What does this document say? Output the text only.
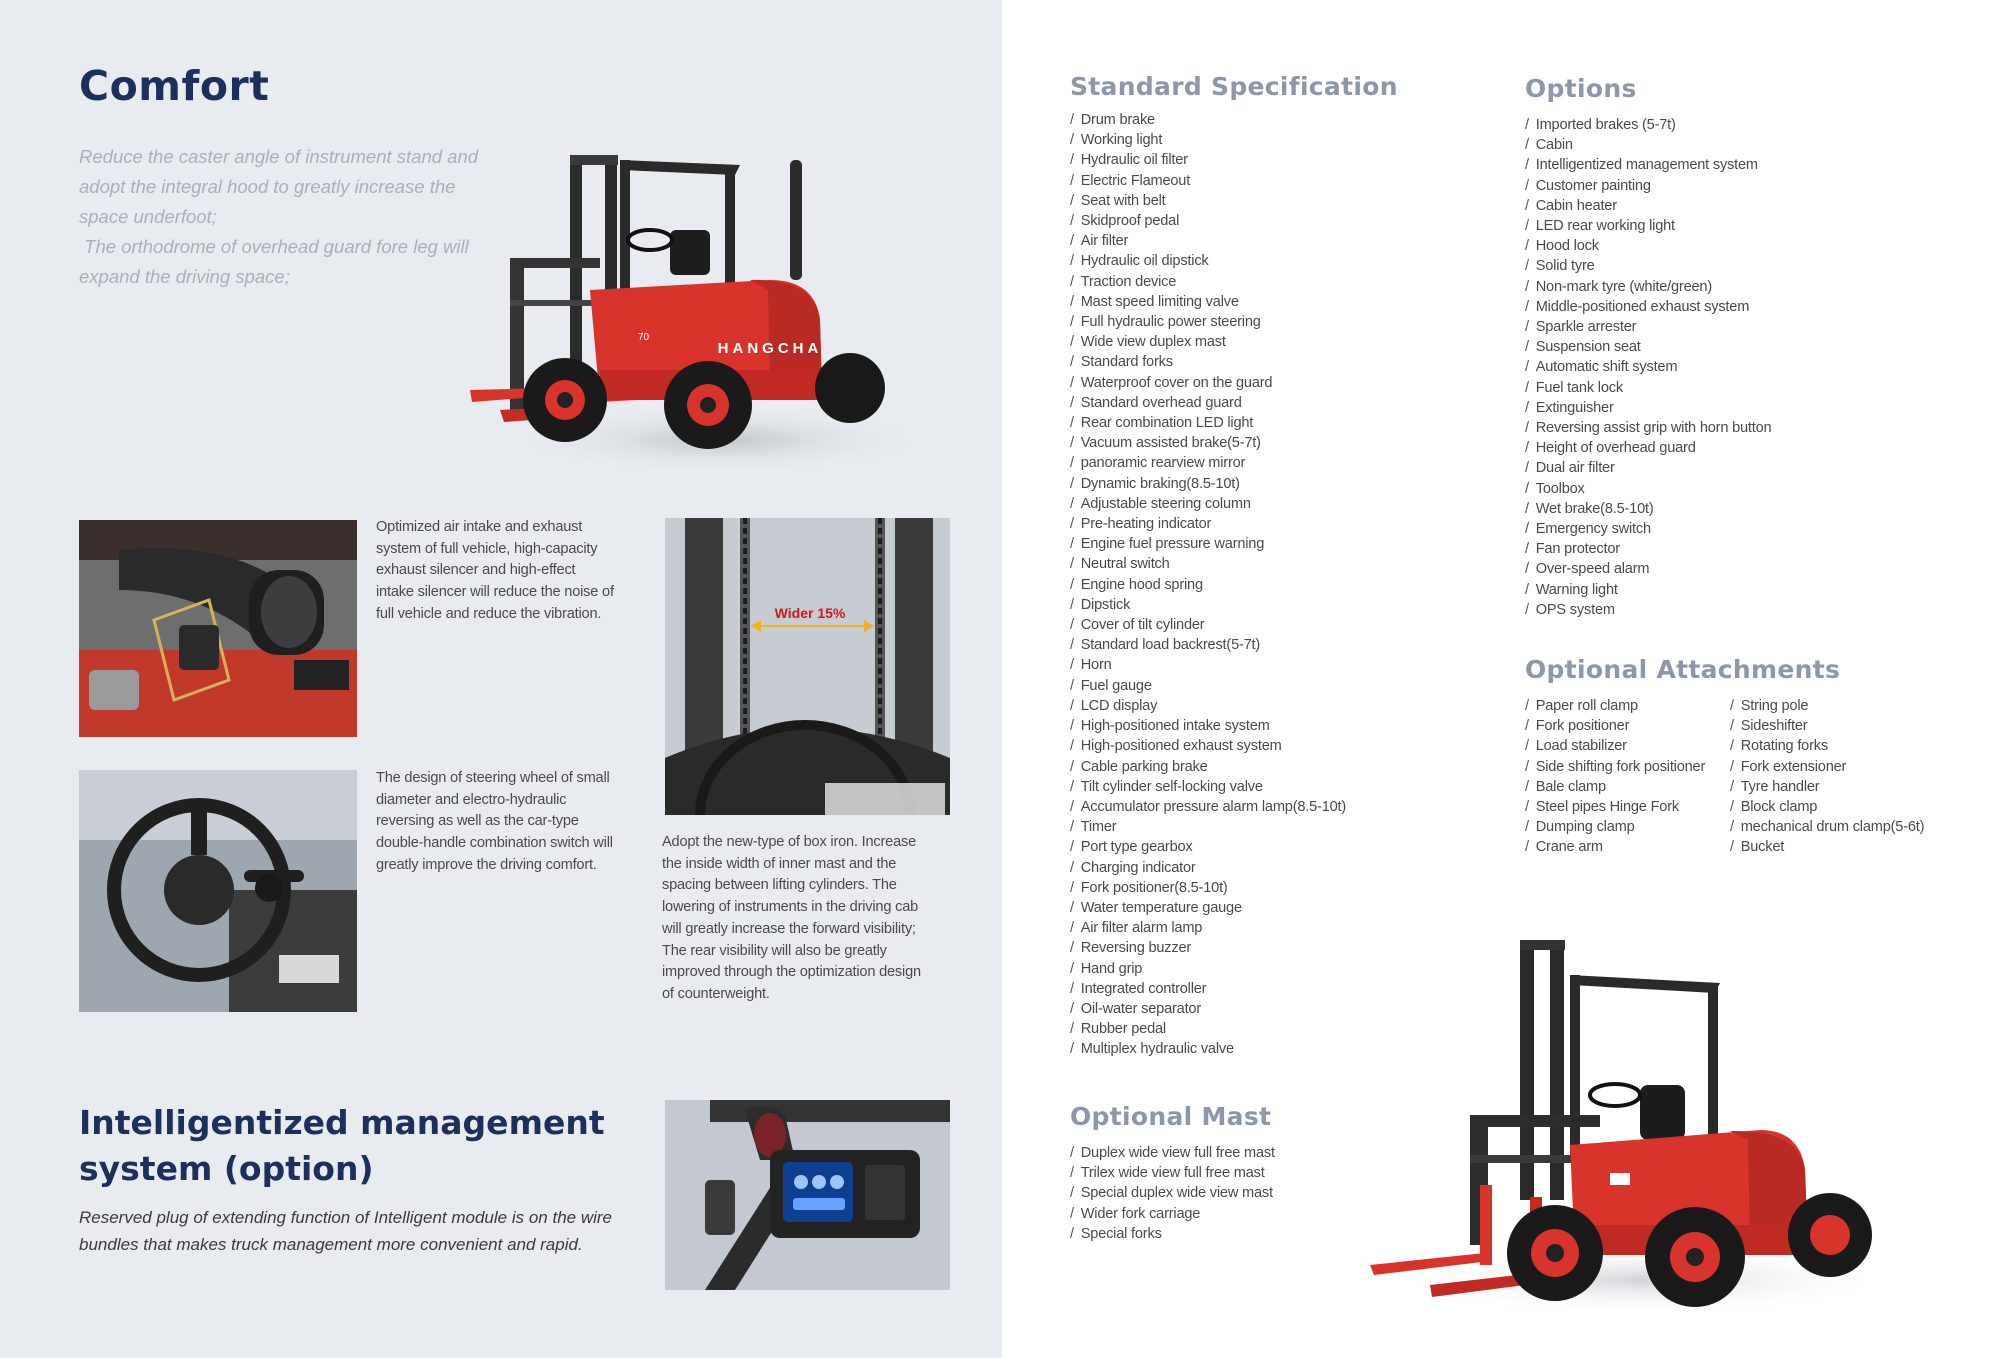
Comfort

Reduce the caster angle of instrument stand and adopt the integral hood to greatly increase the space underfoot;

The orthodrome of overhead guard fore leg will expand the driving space;

HANGCHA
70
Optimized air intake and exhaust system of full vehicle, high-capacity exhaust silencer and high-effect intake silencer will reduce the noise of full vehicle and reduce the vibration.
The design of steering wheel of small diameter and electro-hydraulic reversing as well as the car-type double-handle combination switch will greatly improve the driving comfort.
Wider 15%
Adopt the new-type of box iron. Increase the inside width of inner mast and the spacing between lifting cylinders. The lowering of instruments in the driving cab will greatly increase the forward visibility; The rear visibility will also be greatly improved through the optimization design of counterweight.
Intelligentized management system (option)

Reserved plug of extending function of Intelligent module is on the wire bundles that makes truck management more convenient and rapid.

Standard Specification
/ Drum brake
/ Working light
/ Hydraulic oil filter
/ Electric Flameout
/ Seat with belt
/ Skidproof pedal
/ Air filter
/ Hydraulic oil dipstick
/ Traction device
/ Mast speed limiting valve
/ Full hydraulic power steering
/ Wide view duplex mast
/ Standard forks
/ Waterproof cover on the guard
/ Standard overhead guard
/ Rear combination LED light
/ Vacuum assisted brake(5-7t)
/ panoramic rearview mirror
/ Dynamic braking(8.5-10t)
/ Adjustable steering column
/ Pre-heating indicator
/ Engine fuel pressure warning
/ Neutral switch
/ Engine hood spring
/ Dipstick
/ Cover of tilt cylinder
/ Standard load backrest(5-7t)
/ Horn
/ Fuel gauge
/ LCD display
/ High-positioned intake system
/ High-positioned exhaust system
/ Cable parking brake
/ Tilt cylinder self-locking valve
/ Accumulator pressure alarm lamp(8.5-10t)
/ Timer
/ Port type gearbox
/ Charging indicator
/ Fork positioner(8.5-10t)
/ Water temperature gauge
/ Air filter alarm lamp
/ Reversing buzzer
/ Hand grip
/ Integrated controller
/ Oil-water separator
/ Rubber pedal
/ Multiplex hydraulic valve
Options
/ Imported brakes (5-7t)
/ Cabin
/ Intelligentized management system
/ Customer painting
/ Cabin heater
/ LED rear working light
/ Hood lock
/ Solid tyre
/ Non-mark tyre (white/green)
/ Middle-positioned exhaust system
/ Sparkle arrester
/ Suspension seat
/ Automatic shift system
/ Fuel tank lock
/ Extinguisher
/ Reversing assist grip with horn button
/ Height of overhead guard
/ Dual air filter
/ Toolbox
/ Wet brake(8.5-10t)
/ Emergency switch
/ Fan protector
/ Over-speed alarm
/ Warning light
/ OPS system
Optional Attachments
/ Paper roll clamp
/ Fork positioner
/ Load stabilizer
/ Side shifting fork positioner
/ Bale clamp
/ Steel pipes Hinge Fork
/ Dumping clamp
/ Crane arm
/ String pole
/ Sideshifter
/ Rotating forks
/ Fork extensioner
/ Tyre handler
/ Block clamp
/ mechanical drum clamp(5-6t)
/ Bucket
Optional Mast
/ Duplex wide view full free mast
/ Trilex wide view full free mast
/ Special duplex wide view mast
/ Wider fork carriage
/ Special forks
